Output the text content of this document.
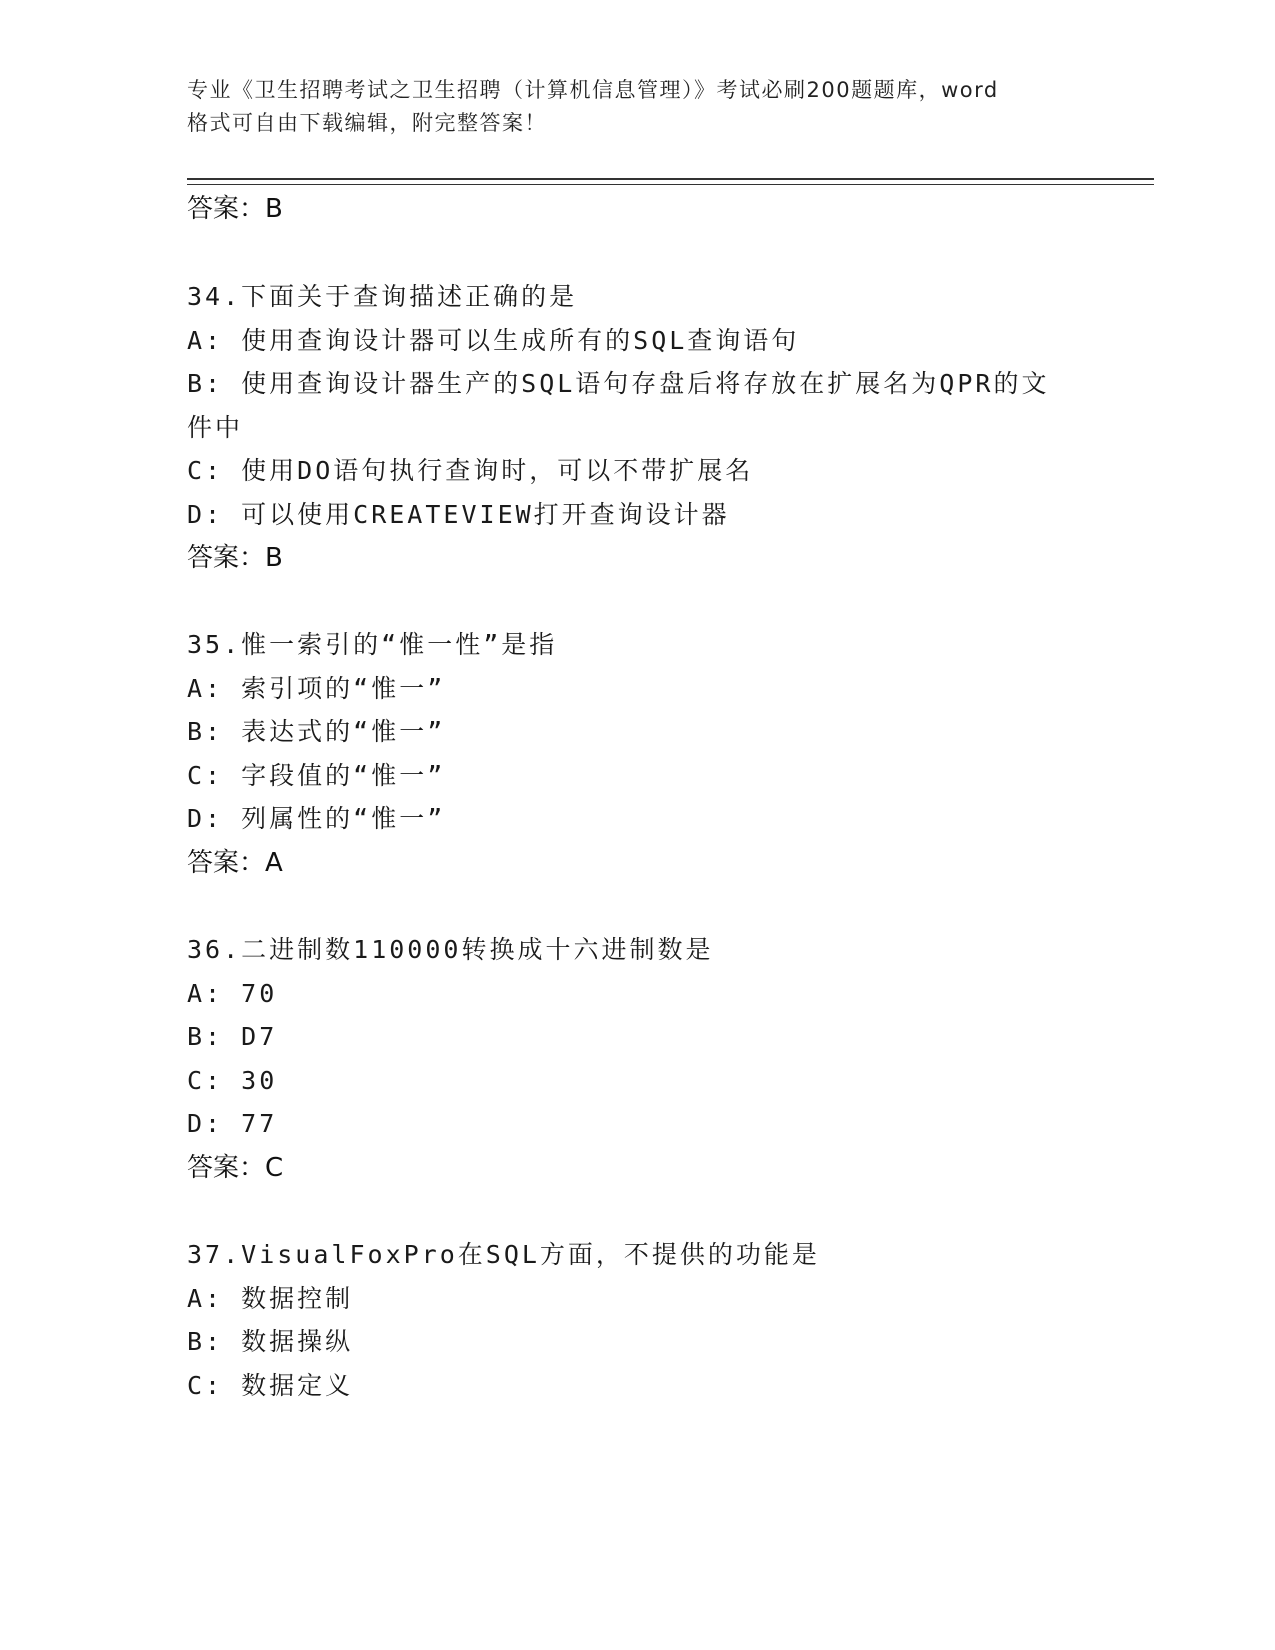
专业《卫生招聘考试之卫生招聘（计算机信息管理）》考试必刷200题题库，word
格式可自由下载编辑，附完整答案！
答案：B
34.下面关于查询描述正确的是
A: 使用查询设计器可以生成所有的SQL查询语句
B: 使用查询设计器生产的SQL语句存盘后将存放在扩展名为QPR的文
件中
C: 使用DO语句执行查询时，可以不带扩展名
D: 可以使用CREATEVIEW打开查询设计器
答案：B
35.惟一索引的“惟一性”是指
A: 索引项的“惟一”
B: 表达式的“惟一”
C: 字段值的“惟一”
D: 列属性的“惟一”
答案：A
36.二进制数110000转换成十六进制数是
A: 70
B: D7
C: 30
D: 77
答案：C
37.VisualFoxPro在SQL方面，不提供的功能是
A: 数据控制
B: 数据操纵
C: 数据定义
